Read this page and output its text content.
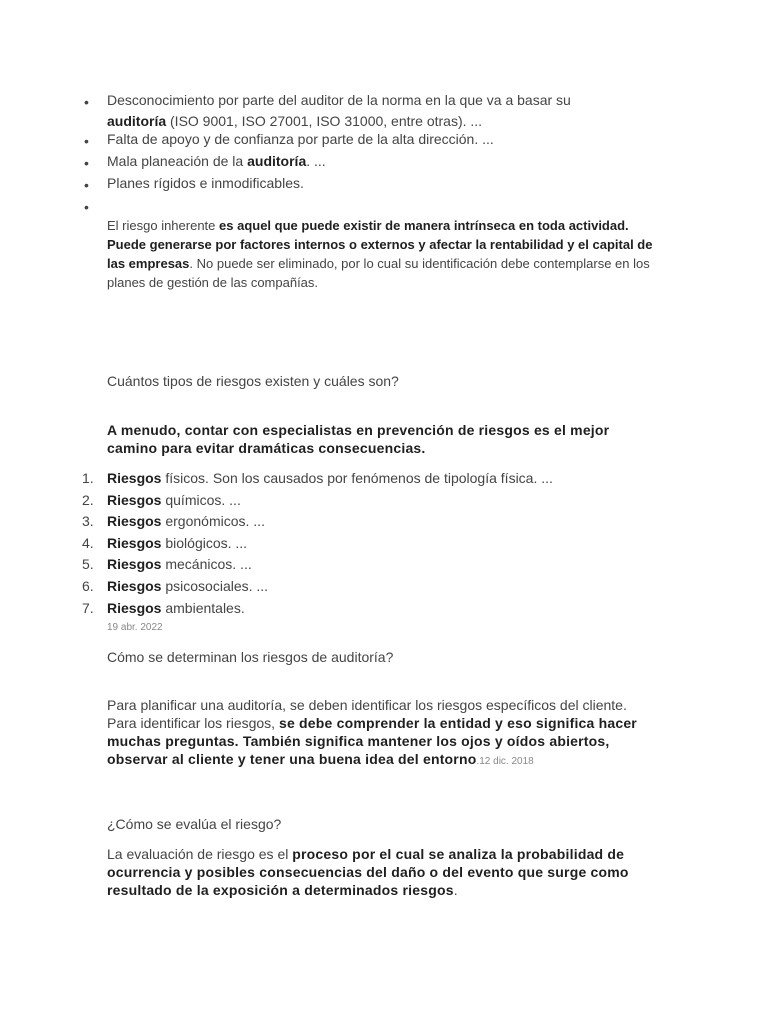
• Desconocimiento por parte del auditor de la norma en la que va a basar su auditoría (ISO 9001, ISO 27001, ISO 31000, entre otras). ...
• Falta de apoyo y de confianza por parte de la alta dirección. ...
• Mala planeación de la auditoría. ...
• Planes rígidos e inmodificables.
•
El riesgo inherente es aquel que puede existir de manera intrínseca en toda actividad. Puede generarse por factores internos o externos y afectar la rentabilidad y el capital de las empresas. No puede ser eliminado, por lo cual su identificación debe contemplarse en los planes de gestión de las compañías.
Cuántos tipos de riesgos existen y cuáles son?
A menudo, contar con especialistas en prevención de riesgos es el mejor camino para evitar dramáticas consecuencias.
1. Riesgos físicos. Son los causados por fenómenos de tipología física. ...
2. Riesgos químicos. ...
3. Riesgos ergonómicos. ...
4. Riesgos biológicos. ...
5. Riesgos mecánicos. ...
6. Riesgos psicosociales. ...
7. Riesgos ambientales.
19 abr. 2022
Cómo se determinan los riesgos de auditoría?
Para planificar una auditoría, se deben identificar los riesgos específicos del cliente. Para identificar los riesgos, se debe comprender la entidad y eso significa hacer muchas preguntas. También significa mantener los ojos y oídos abiertos, observar al cliente y tener una buena idea del entorno.12 dic. 2018
¿Cómo se evalúa el riesgo?
La evaluación de riesgo es el proceso por el cual se analiza la probabilidad de ocurrencia y posibles consecuencias del daño o del evento que surge como resultado de la exposición a determinados riesgos.
